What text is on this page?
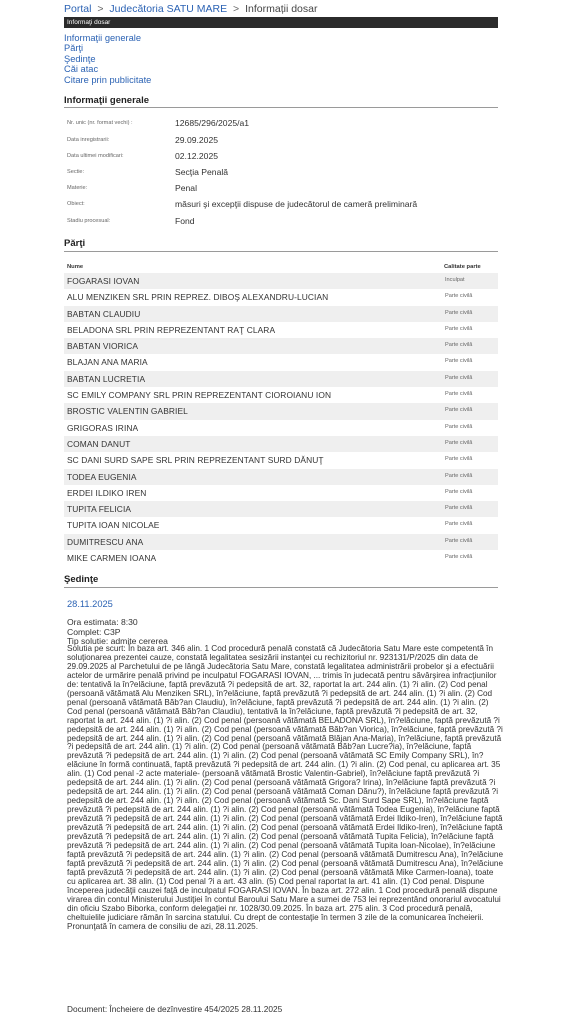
Portal > Judecătoria SATU MARE > Informații dosar
Informaţi dosar
Informaţii generale
Părţi
Şedinţe
Căi atac
Citare prin publicitate
Informaţii generale
Nr. unic (nr. format vechi) :	12685/296/2025/a1
Data inregistrarii:	29.09.2025
Data ultimei modificari:	02.12.2025
Sectie:	Secţia Penală
Materie:	Penal
Obiect:	măsuri şi excepţii dispuse de judecătorul de cameră preliminară
Stadiu procesual:	Fond
Părţi
Nume	Calitate parte
FOGARASI IOVAN	Inculpat
ALU MENZIKEN SRL PRIN REPREZ. DIBOŞ ALEXANDRU-LUCIAN	Parte civilă
BABTAN CLAUDIU	Parte civilă
BELADONA SRL PRIN REPREZENTANT RAŢ CLARA	Parte civilă
BABTAN VIORICA	Parte civilă
BLAJAN ANA MARIA	Parte civilă
BABTAN LUCRETIA	Parte civilă
SC EMILY COMPANY SRL PRIN REPREZENTANT CIOROIANU ION	Parte civilă
BROSTIC VALENTIN GABRIEL	Parte civilă
GRIGORAS IRINA	Parte civilă
COMAN DANUT	Parte civilă
SC DANI SURD SAPE SRL PRIN REPREZENTANT SURD DĂNUŢ	Parte civilă
TODEA EUGENIA	Parte civilă
ERDEI ILDIKO IREN	Parte civilă
TUPITA FELICIA	Parte civilă
TUPITA IOAN NICOLAE	Parte civilă
DUMITRESCU ANA	Parte civilă
MIKE CARMEN IOANA	Parte civilă
Şedinţe
28.11.2025
Ora estimata: 8:30
Complet: C3P
Tip solutie: admite cererea
Solutia pe scurt: În baza art. 346 alin. 1 Cod procedură penală constată că Judecătoria Satu Mare este competentă în soluţionarea prezentei cauze, constată legalitatea sesizării instanţei cu rechizitoriul nr. 923131/P/2025 din data de 29.09.2025 al Parchetului de pe lângă Judecătoria Satu Mare, constată legalitatea administrării probelor şi a efectuării actelor de urmărire penală privind pe inculpatul FOGARASI IOVAN, ... trimis în judecată pentru săvârşirea infracţiunilor de: tentativă la în?elăciune, faptă prevăzută ?i pedepsită de art. 32, raportat la art. 244 alin. (1) ?i alin. (2) Cod penal (persoană vătămată Alu Menziken SRL), în?elăciune, faptă prevăzută ?i pedepsită de art. 244 alin. (1) ?i alin. (2) Cod penal (persoană vătămată Băb?an Claudiu), în?elăciune, faptă prevăzută ?i pedepsită de art. 244 alin. (1) ?i alin. (2) Cod penal (persoană vătămată Băb?an Claudiu), tentativă la în?elăciune, faptă prevăzută ?i pedepsită de art. 32, raportat la art. 244 alin. (1) ?i alin. (2) Cod penal (persoană vătămată BELADONA SRL), în?elăciune, faptă prevăzută ?i pedepsită de art. 244 alin. (1) ?i alin. (2) Cod penal (persoană vătămată Băb?an Viorica), în?elăciune, faptă prevăzută ?i pedepsită de art. 244 alin. (1) ?i alin. (2) Cod penal (persoană vătămată Blăjan Ana-Maria), în?elăciune, faptă prevăzută ?i pedepsită de art. 244 alin. (1) ?i alin. (2) Cod penal (persoană vătămată Băb?an Lucre?ia), în?elăciune, faptă prevăzută ?i pedepsită de art. 244 alin. (1) ?i alin. (2) Cod penal (persoană vătămată SC Emily Company SRL), în?elăciune în formă continuată, faptă prevăzută ?i pedepsită de art. 244 alin. (1) ?i alin. (2) Cod penal, cu aplicarea art. 35 alin. (1) Cod penal -2 acte materiale- (persoană vătămată Brostic Valentin-Gabriel), în?elăciune faptă prevăzută ?i pedepsită de art. 244 alin. (1) ?i alin. (2) Cod penal (persoană vătămată Grigora? Irina), în?elăciune faptă prevăzută ?i pedepsită de art. 244 alin. (1) ?i alin. (2) Cod penal (persoană vătămată Coman Dănu?), în?elăciune faptă prevăzută ?i pedepsită de art. 244 alin. (1) ?i alin. (2) Cod penal (persoană vătămată Sc. Dani Surd Sape SRL), în?elăciune faptă prevăzută ?i pedepsită de art. 244 alin. (1) ?i alin. (2) Cod penal (persoană vătămată Todea Eugenia), în?elăciune faptă prevăzută ?i pedepsită de art. 244 alin. (1) ?i alin. (2) Cod penal (persoană vătămată Erdei Ildiko-Iren), în?elăciune faptă prevăzută ?i pedepsită de art. 244 alin. (1) ?i alin. (2) Cod penal (persoană vătămată Erdei Ildiko-Iren), în?elăciune faptă prevăzută ?i pedepsită de art. 244 alin. (1) ?i alin. (2) Cod penal (persoană vătămată Tupita Felicia), în?elăciune faptă prevăzută ?i pedepsită de art. 244 alin. (1) ?i alin. (2) Cod penal (persoană vătămată Tupita Ioan-Nicolae), în?elăciune faptă prevăzută ?i pedepsită de art. 244 alin. (1) ?i alin. (2) Cod penal (persoană vătămată Dumitrescu Ana), în?elăciune faptă prevăzută ?i pedepsită de art. 244 alin. (1) ?i alin. (2) Cod penal (persoană vătămată Dumitrescu Ana), în?elăciune faptă prevăzută ?i pedepsită de art. 244 alin. (1) ?i alin. (2) Cod penal (persoană vătămată Mike Carmen-Ioana), toate cu aplicarea art. 38 alin. (1) Cod penal ?i a art. 43 alin. (5) Cod penal raportat la art. 41 alin. (1) Cod penal. Dispune începerea judecăţii cauzei faţă de inculpatul FOGARASI IOVAN. În baza art. 272 alin. 1 Cod procedură penală dispune virarea din contul Ministerului Justiţiei în contul Baroului Satu Mare a sumei de 753 lei reprezentând onorariul avocatului din oficiu Szabo Biborka, conform delegaţiei nr. 1028/30.09.2025. În baza art. 275 alin. 3 Cod procedură penală, cheltuielile judiciare rămân în sarcina statului. Cu drept de contestaţie în termen 3 zile de la comunicarea încheierii. Pronunţată în camera de consiliu de azi, 28.11.2025.
Document: Încheiere de dezînvestire 454/2025 28.11.2025
